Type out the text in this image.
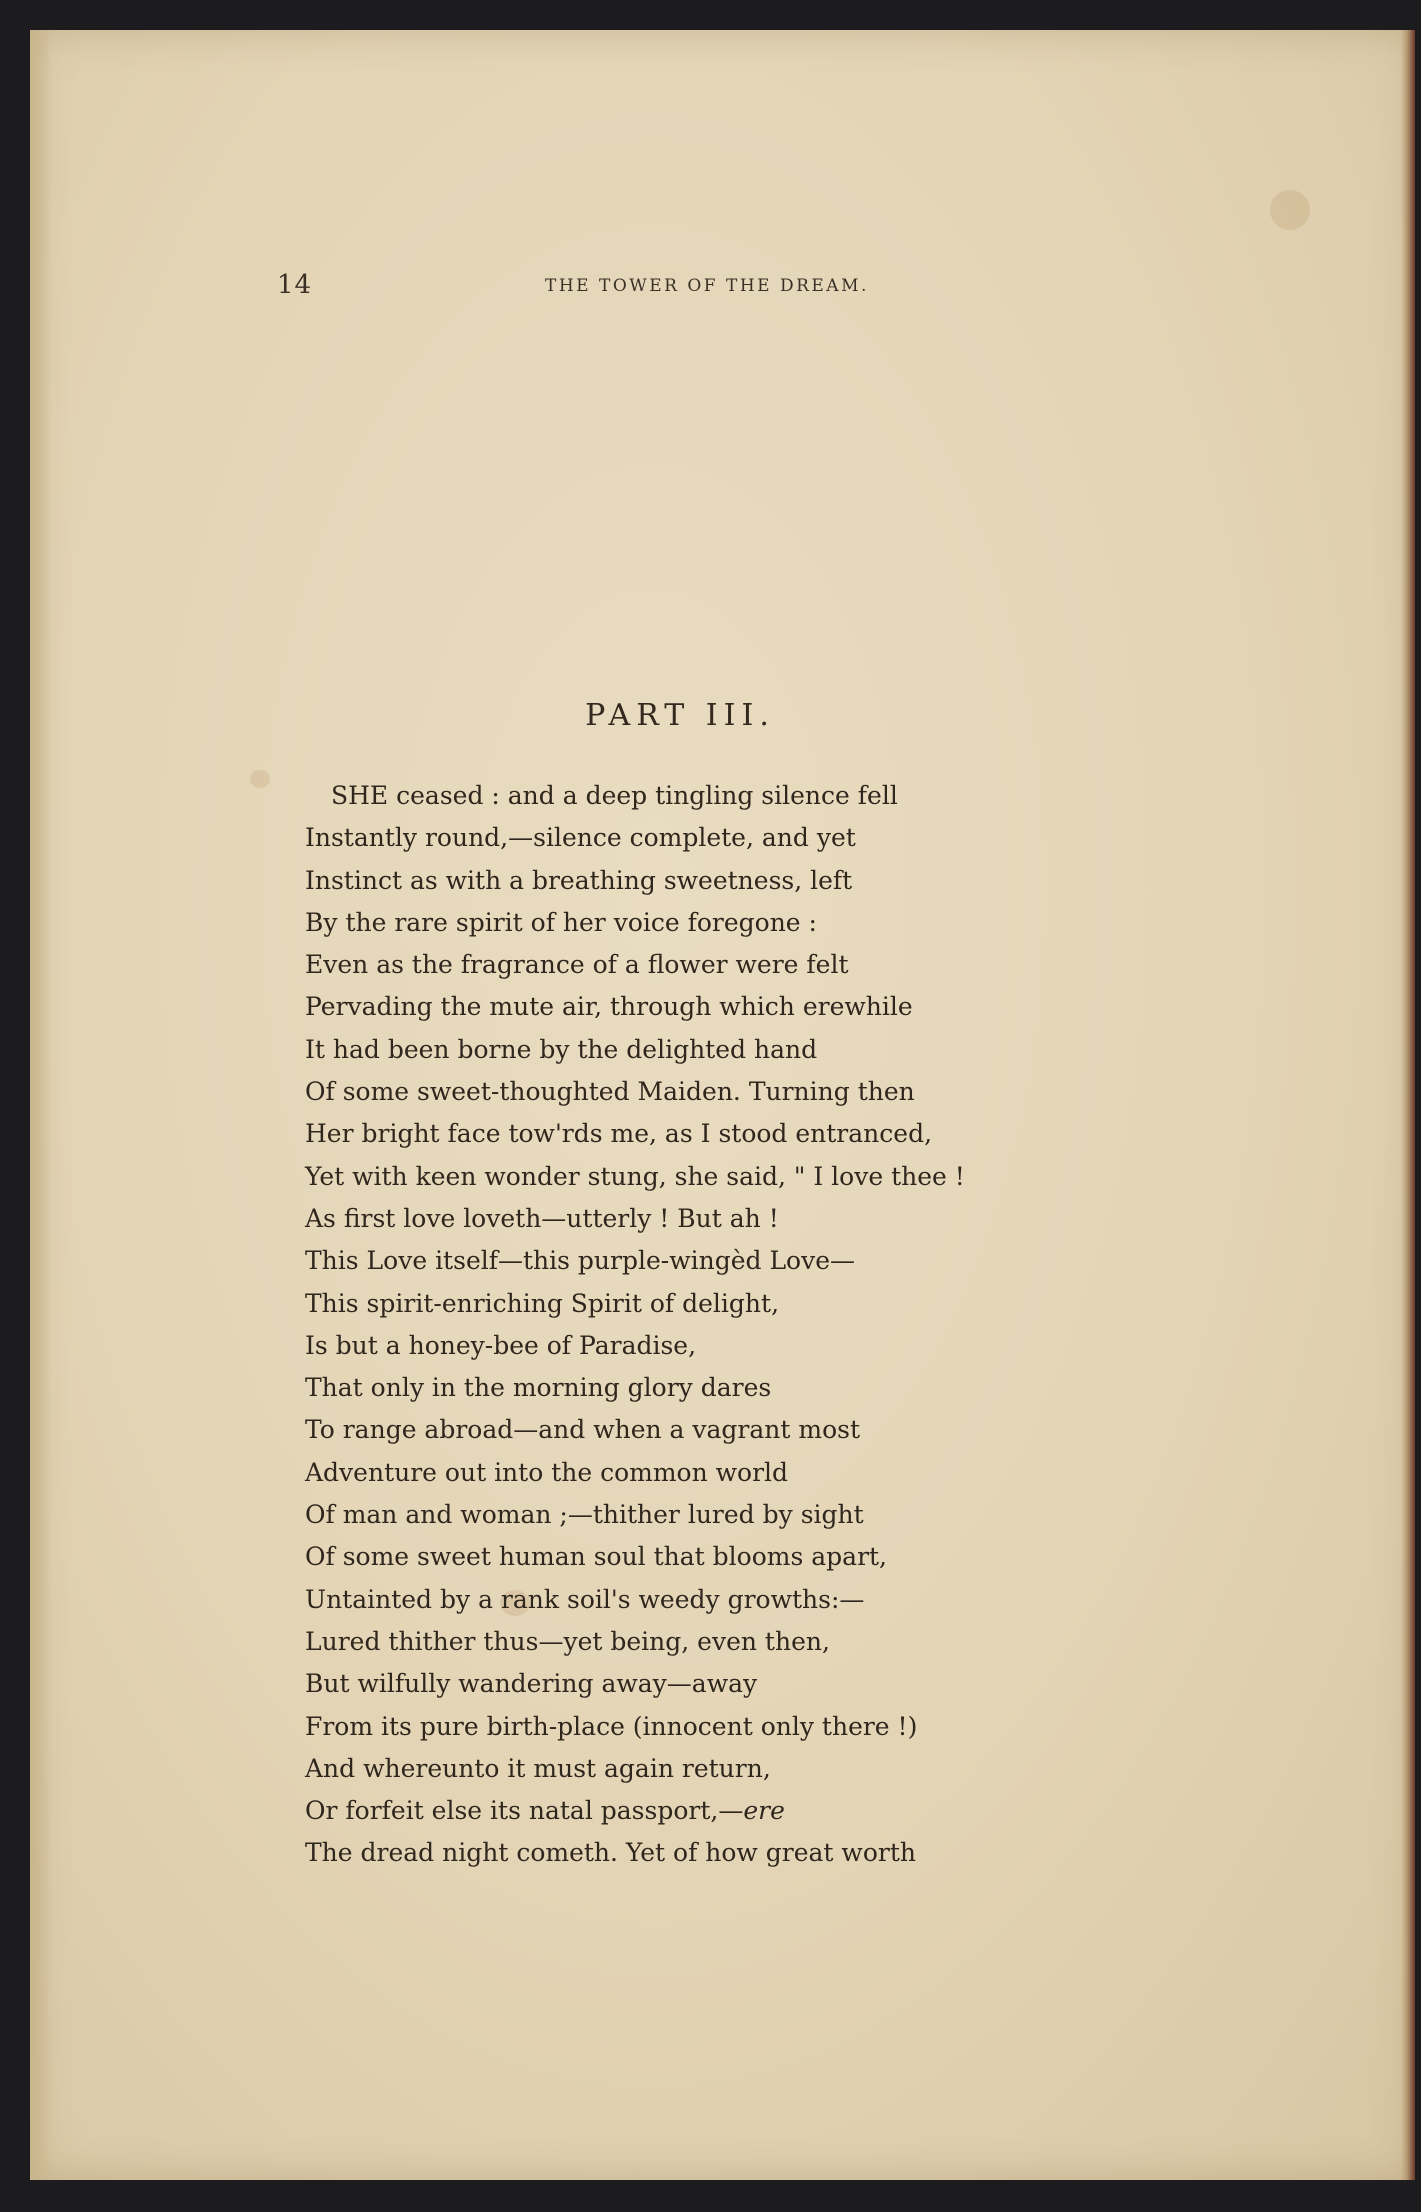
14	THE TOWER OF THE DREAM.
PART III.
SHE ceased : and a deep tingling silence fell
Instantly round,—silence complete, and yet
Instinct as with a breathing sweetness, left
By the rare spirit of her voice foregone :
Even as the fragrance of a flower were felt
Pervading the mute air, through which erewhile
It had been borne by the delighted hand
Of some sweet-thoughted Maiden. Turning then
Her bright face tow'rds me, as I stood entranced,
Yet with keen wonder stung, she said, " I love thee !
As first love loveth—utterly ! But ah !
This Love itself—this purple-wingèd Love—
This spirit-enriching Spirit of delight,
Is but a honey-bee of Paradise,
That only in the morning glory dares
To range abroad—and when a vagrant most
Adventure out into the common world
Of man and woman ;—thither lured by sight
Of some sweet human soul that blooms apart,
Untainted by a rank soil's weedy growths:—
Lured thither thus—yet being, even then,
But wilfully wandering away—away
From its pure birth-place (innocent only there !)
And whereunto it must again return,
Or forfeit else its natal passport,—ere
The dread night cometh. Yet of how great worth
